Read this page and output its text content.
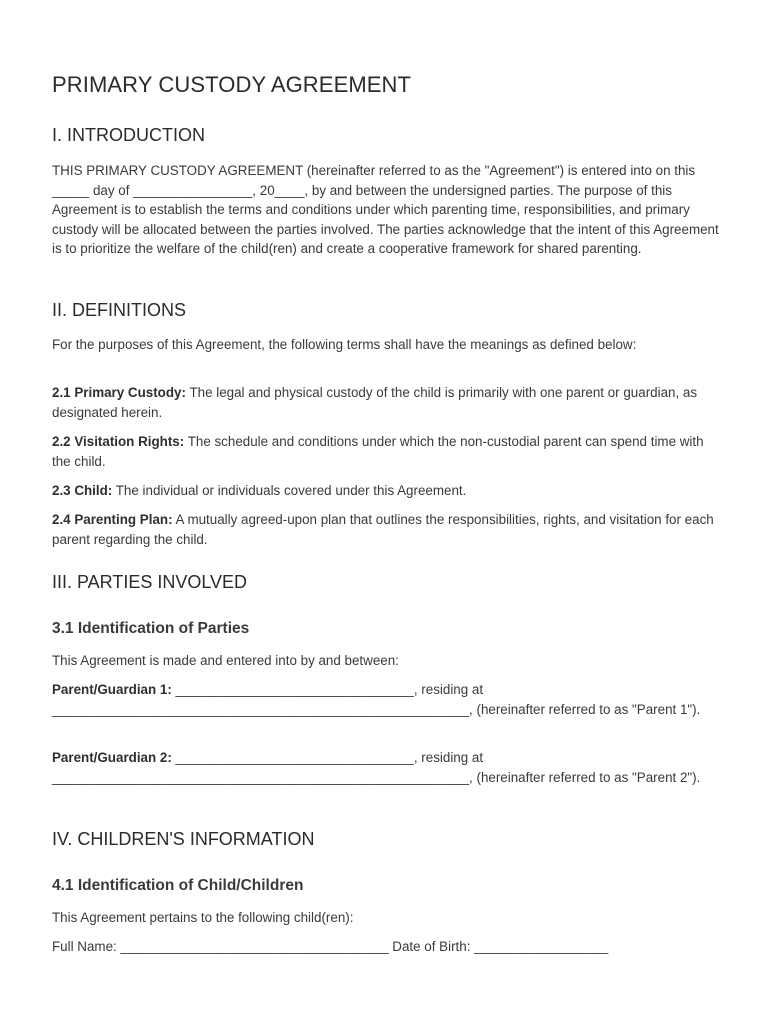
PRIMARY CUSTODY AGREEMENT
I. INTRODUCTION

THIS PRIMARY CUSTODY AGREEMENT (hereinafter referred to as the "Agreement") is entered into on this _____ day of ________________, 20____, by and between the undersigned parties. The purpose of this Agreement is to establish the terms and conditions under which parenting time, responsibilities, and primary custody will be allocated between the parties involved. The parties acknowledge that the intent of this Agreement is to prioritize the welfare of the child(ren) and create a cooperative framework for shared parenting.

II. DEFINITIONS

For the purposes of this Agreement, the following terms shall have the meanings as defined below:

2.1 Primary Custody: The legal and physical custody of the child is primarily with one parent or guardian, as designated herein.

2.2 Visitation Rights: The schedule and conditions under which the non-custodial parent can spend time with the child.

2.3 Child: The individual or individuals covered under this Agreement.

2.4 Parenting Plan: A mutually agreed-upon plan that outlines the responsibilities, rights, and visitation for each parent regarding the child.

III. PARTIES INVOLVED
3.1 Identification of Parties

This Agreement is made and entered into by and between:

Parent/Guardian 1: ________________________________, residing at ________________________________________________________, (hereinafter referred to as "Parent 1").

Parent/Guardian 2: ________________________________, residing at ________________________________________________________, (hereinafter referred to as "Parent 2").

IV. CHILDREN'S INFORMATION
4.1 Identification of Child/Children

This Agreement pertains to the following child(ren):

Full Name: ____________________________________ Date of Birth: __________________
